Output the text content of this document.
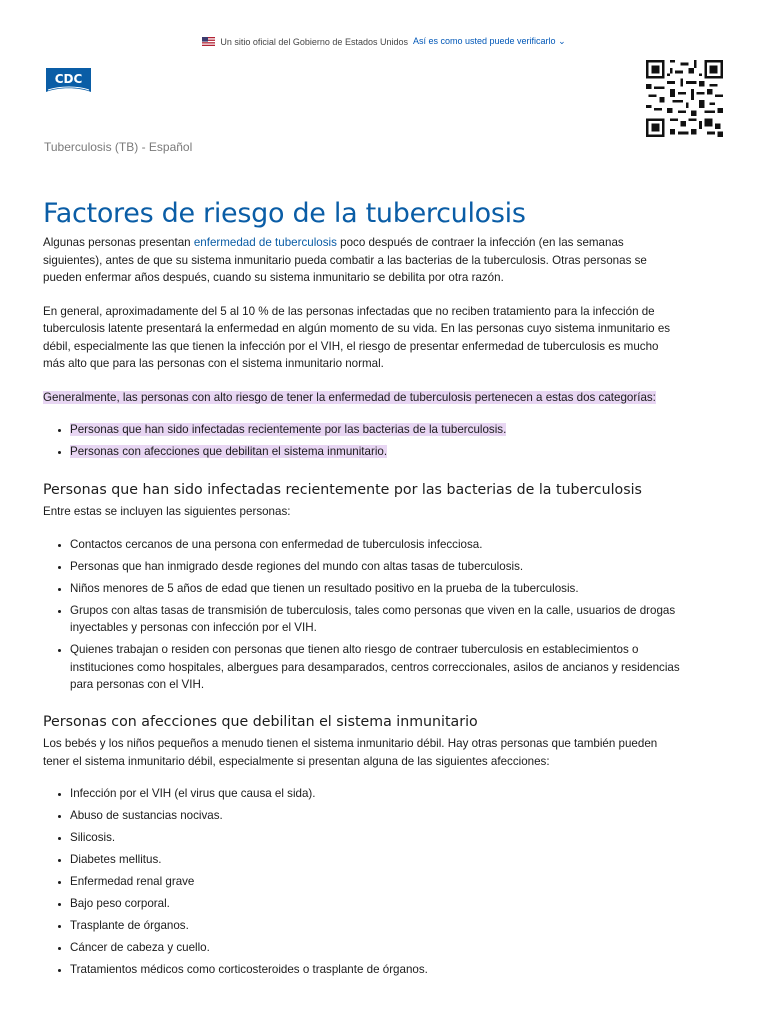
Un sitio oficial del Gobierno de Estados Unidos Así es como usted puede verificarlo ⌄
CDC
Tuberculosis (TB) - Español
Factores de riesgo de la tuberculosis

Algunas personas presentan enfermedad de tuberculosis poco después de contraer la infección (en las semanas
siguientes), antes de que su sistema inmunitario pueda combatir a las bacterias de la tuberculosis. Otras personas se
pueden enfermar años después, cuando su sistema inmunitario se debilita por otra razón.

En general, aproximadamente del 5 al 10 % de las personas infectadas que no reciben tratamiento para la infección de
tuberculosis latente presentará la enfermedad en algún momento de su vida. En las personas cuyo sistema inmunitario es
débil, especialmente las que tienen la infección por el VIH, el riesgo de presentar enfermedad de tuberculosis es mucho
más alto que para las personas con el sistema inmunitario normal.

Generalmente, las personas con alto riesgo de tener la enfermedad de tuberculosis pertenecen a estas dos categorías:

• Personas que han sido infectadas recientemente por las bacterias de la tuberculosis.
• Personas con afecciones que debilitan el sistema inmunitario.
Personas que han sido infectadas recientemente por las bacterias de la tuberculosis

Entre estas se incluyen las siguientes personas:

• Contactos cercanos de una persona con enfermedad de tuberculosis infecciosa.
• Personas que han inmigrado desde regiones del mundo con altas tasas de tuberculosis.
• Niños menores de 5 años de edad que tienen un resultado positivo en la prueba de la tuberculosis.
• Grupos con altas tasas de transmisión de tuberculosis, tales como personas que viven en la calle, usuarios de drogas
inyectables y personas con infección por el VIH.
• Quienes trabajan o residen con personas que tienen alto riesgo de contraer tuberculosis en establecimientos o
instituciones como hospitales, albergues para desamparados, centros correccionales, asilos de ancianos y residencias
para personas con el VIH.
Personas con afecciones que debilitan el sistema inmunitario

Los bebés y los niños pequeños a menudo tienen el sistema inmunitario débil. Hay otras personas que también pueden
tener el sistema inmunitario débil, especialmente si presentan alguna de las siguientes afecciones:

• Infección por el VIH (el virus que causa el sida).
• Abuso de sustancias nocivas.
• Silicosis.
• Diabetes mellitus.
• Enfermedad renal grave
• Bajo peso corporal.
• Trasplante de órganos.
• Cáncer de cabeza y cuello.
• Tratamientos médicos como corticosteroides o trasplante de órganos.
